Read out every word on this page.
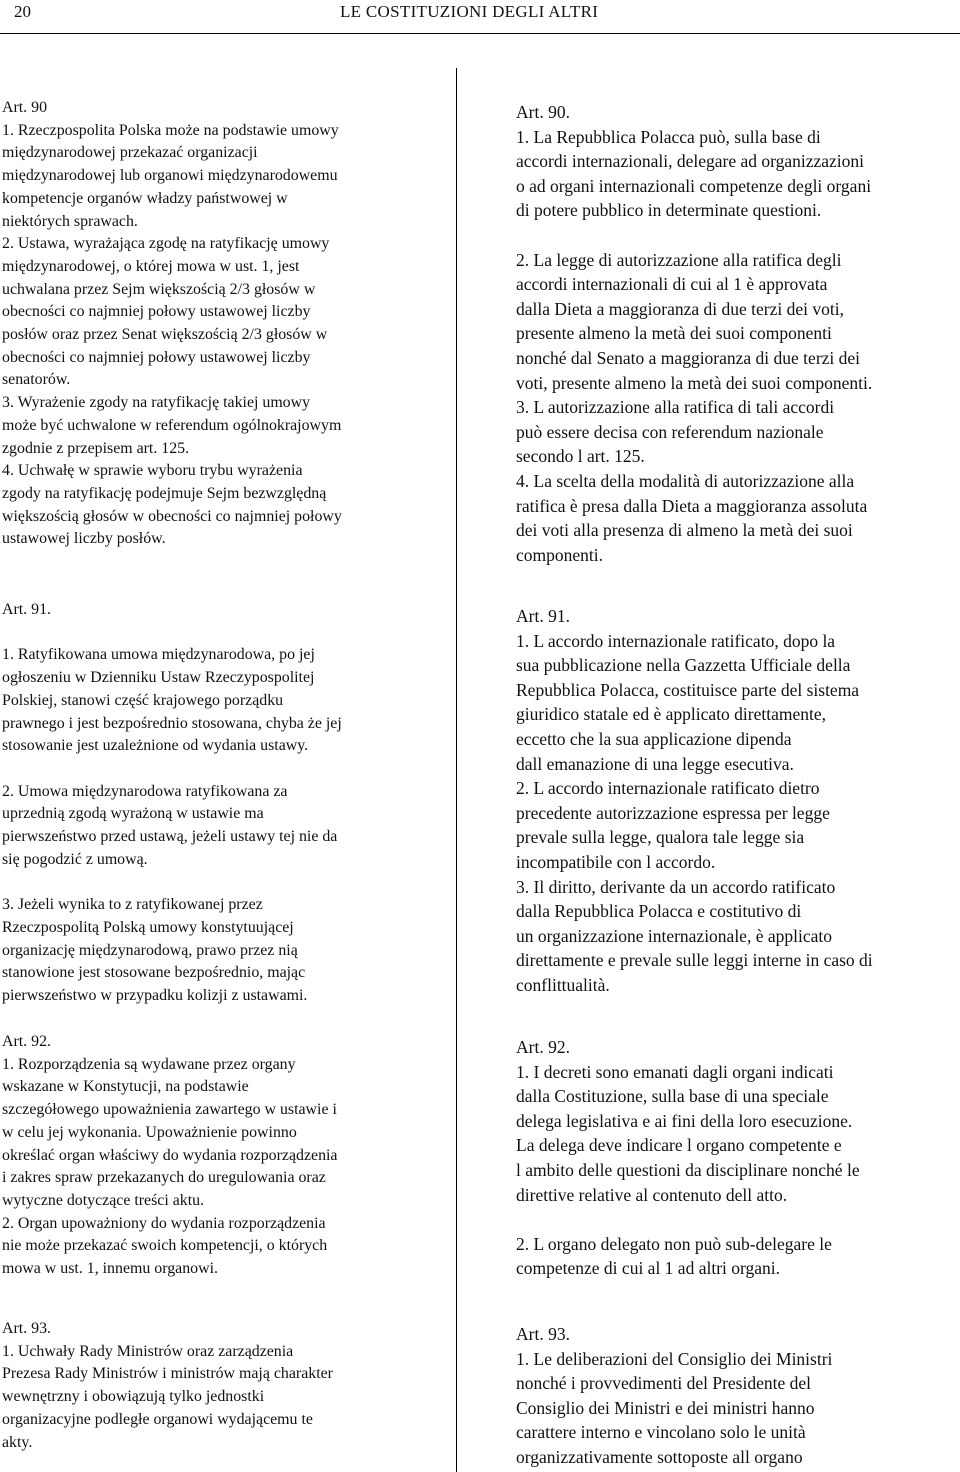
20	LE COSTITUZIONI DEGLI ALTRI

Art. 90

1. Rzeczpospolita Polska może na podstawie umowy

międzynarodowej przekazać organizacji

międzynarodowej lub organowi międzynarodowemu

kompetencje organów władzy państwowej w

niektórych sprawach.

2. Ustawa, wyrażająca zgodę na ratyfikację umowy

międzynarodowej, o której mowa w ust. 1, jest

uchwalana przez Sejm większością 2/3 głosów w

obecności co najmniej połowy ustawowej liczby

posłów oraz przez Senat większością 2/3 głosów w

obecności co najmniej połowy ustawowej liczby

senatorów.

3. Wyrażenie zgody na ratyfikację takiej umowy

może być uchwalone w referendum ogólnokrajowym

zgodnie z przepisem art. 125.

4. Uchwałę w sprawie wyboru trybu wyrażenia

zgody na ratyfikację podejmuje Sejm bezwzględną

większością głosów w obecności co najmniej połowy

ustawowej liczby posłów.

Art. 91.

1. Ratyfikowana umowa międzynarodowa, po jej

ogłoszeniu w Dzienniku Ustaw Rzeczypospolitej

Polskiej, stanowi część krajowego porządku

prawnego i jest bezpośrednio stosowana, chyba że jej

stosowanie jest uzależnione od wydania ustawy.

2. Umowa międzynarodowa ratyfikowana za

uprzednią zgodą wyrażoną w ustawie ma

pierwszeństwo przed ustawą, jeżeli ustawy tej nie da

się pogodzić z umową.

3. Jeżeli wynika to z ratyfikowanej przez

Rzeczpospolitą Polską umowy konstytuującej

organizację międzynarodową, prawo przez nią

stanowione jest stosowane bezpośrednio, mając

pierwszeństwo w przypadku kolizji z ustawami.

Art. 92.

1. Rozporządzenia są wydawane przez organy

wskazane w Konstytucji, na podstawie

szczegółowego upoważnienia zawartego w ustawie i

w celu jej wykonania. Upoważnienie powinno

określać organ właściwy do wydania rozporządzenia

i zakres spraw przekazanych do uregulowania oraz

wytyczne dotyczące treści aktu.

2. Organ upoważniony do wydania rozporządzenia

nie może przekazać swoich kompetencji, o których

mowa w ust. 1, innemu organowi.

Art. 93.

1. Uchwały Rady Ministrów oraz zarządzenia

Prezesa Rady Ministrów i ministrów mają charakter

wewnętrzny i obowiązują tylko jednostki

organizacyjne podległe organowi wydającemu te

akty.

Art. 90.

1. La Repubblica Polacca può, sulla base di

accordi internazionali, delegare ad organizzazioni

o ad organi internazionali competenze degli organi

di potere pubblico in determinate questioni.

2. La legge di autorizzazione alla ratifica degli

accordi internazionali di cui al 1 è approvata

dalla Dieta a maggioranza di due terzi dei voti,

presente almeno la metà dei suoi componenti

nonché dal Senato a maggioranza di due terzi dei

voti, presente almeno la metà dei suoi componenti.

3. L autorizzazione alla ratifica di tali accordi

può essere decisa con referendum nazionale

secondo l art. 125.

4. La scelta della modalità di autorizzazione alla

ratifica è presa dalla Dieta a maggioranza assoluta

dei voti alla presenza di almeno la metà dei suoi

componenti.

Art. 91.

1. L accordo internazionale ratificato, dopo la

sua pubblicazione nella Gazzetta Ufficiale della

Repubblica Polacca, costituisce parte del sistema

giuridico statale ed è applicato direttamente,

eccetto che la sua applicazione dipenda

dall emanazione di una legge esecutiva.

2. L accordo internazionale ratificato dietro

precedente autorizzazione espressa per legge

prevale sulla legge, qualora tale legge sia

incompatibile con l accordo.

3. Il diritto, derivante da un accordo ratificato

dalla Repubblica Polacca e costitutivo di

un organizzazione internazionale, è applicato

direttamente e prevale sulle leggi interne in caso di

conflittualità.

Art. 92.

1. I decreti sono emanati dagli organi indicati

dalla Costituzione, sulla base di una speciale

delega legislativa e ai fini della loro esecuzione.

La delega deve indicare l organo competente e

l ambito delle questioni da disciplinare nonché le

direttive relative al contenuto dell atto.

2. L organo delegato non può sub-delegare le

competenze di cui al 1 ad altri organi.

Art. 93.

1. Le deliberazioni del Consiglio dei Ministri

nonché i provvedimenti del Presidente del

Consiglio dei Ministri e dei ministri hanno

carattere interno e vincolano solo le unità

organizzativamente sottoposte all organo
